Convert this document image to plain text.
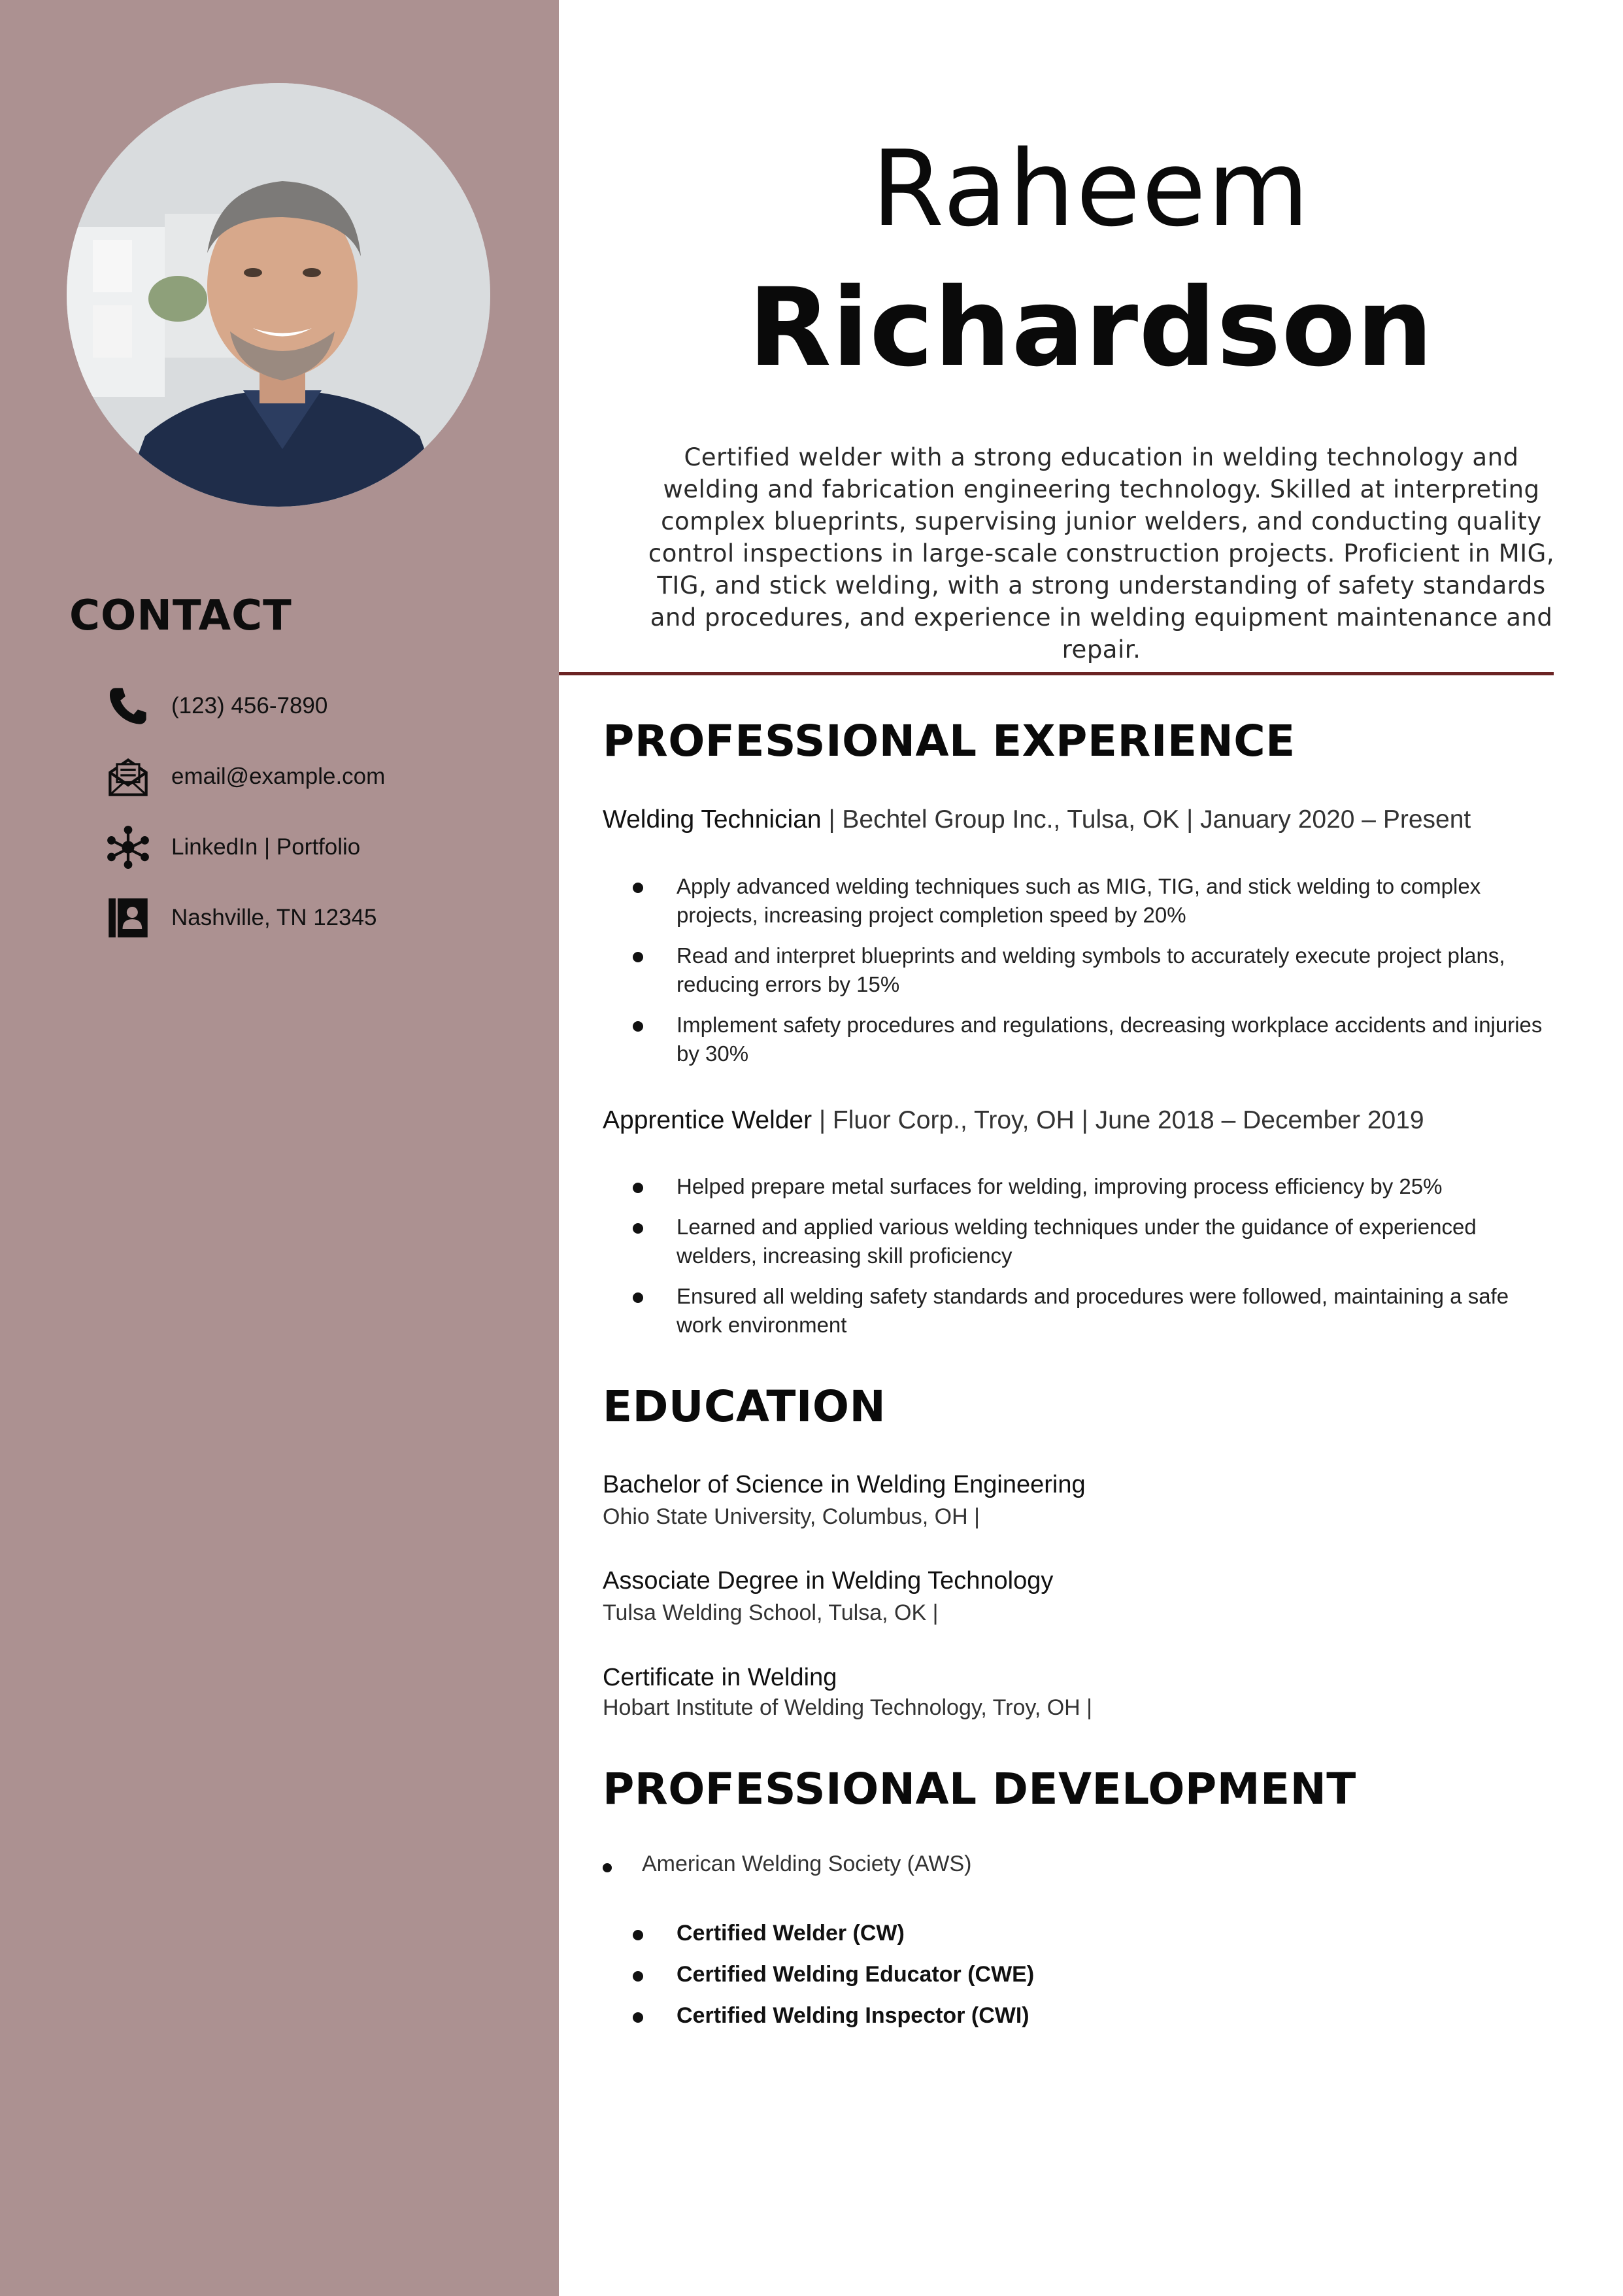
CONTACT
(123) 456-7890
email@example.com
LinkedIn | Portfolio
Nashville, TN 12345
Raheem
Richardson

Certified welder with a strong education in welding technology and welding and fabrication engineering technology. Skilled at interpreting complex blueprints, supervising junior welders, and conducting quality control inspections in large-scale construction projects. Proficient in MIG, TIG, and stick welding, with a strong understanding of safety standards and procedures, and experience in welding equipment maintenance and repair.

PROFESSIONAL EXPERIENCE
Welding Technician | Bechtel Group Inc., Tulsa, OK | January 2020 – Present
Apply advanced welding techniques such as MIG, TIG, and stick welding to complex projects, increasing project completion speed by 20%
Read and interpret blueprints and welding symbols to accurately execute project plans, reducing errors by 15%
Implement safety procedures and regulations, decreasing workplace accidents and injuries by 30%
Apprentice Welder | Fluor Corp., Troy, OH | June 2018 – December 2019
Helped prepare metal surfaces for welding, improving process efficiency by 25%
Learned and applied various welding techniques under the guidance of experienced welders, increasing skill proficiency
Ensured all welding safety standards and procedures were followed, maintaining a safe work environment
EDUCATION
Bachelor of Science in Welding Engineering
Ohio State University, Columbus, OH |
Associate Degree in Welding Technology
Tulsa Welding School, Tulsa, OK |
Certificate in Welding
Hobart Institute of Welding Technology, Troy, OH |
PROFESSIONAL DEVELOPMENT
American Welding Society (AWS)
Certified Welder (CW)
Certified Welding Educator (CWE)
Certified Welding Inspector (CWI)
